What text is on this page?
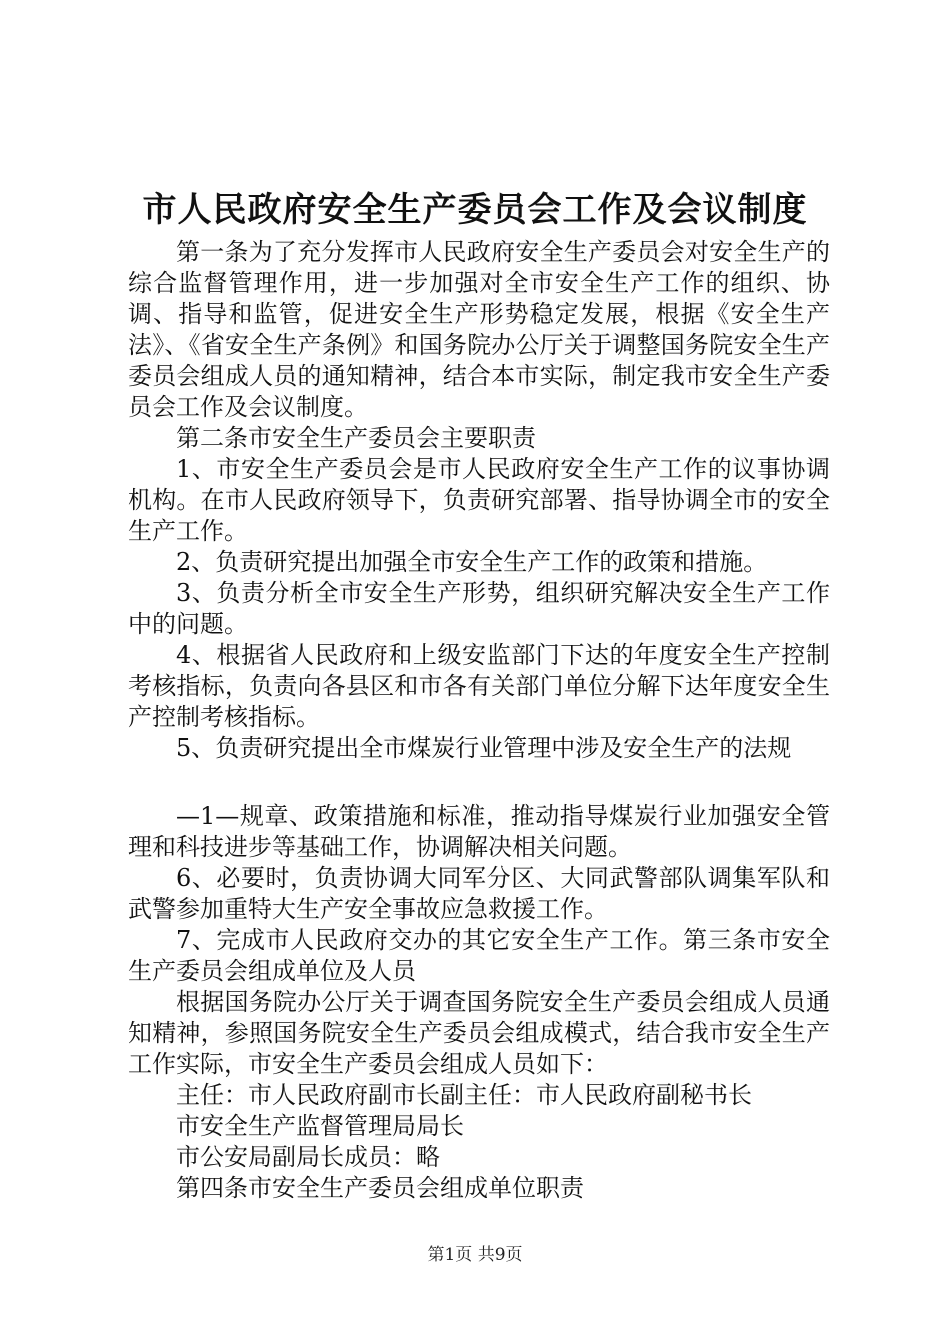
市人民政府安全生产委员会工作及会议制度

第一条为了充分发挥市人民政府安全生产委员会对安全生产的综合监督管理作用，进一步加强对全市安全生产工作的组织、协调、指导和监管，促进安全生产形势稳定发展，根据《安全生产法》、《省安全生产条例》和国务院办公厅关于调整国务院安全生产委员会组成人员的通知精神，结合本市实际，制定我市安全生产委员会工作及会议制度。

第二条市安全生产委员会主要职责

1、市安全生产委员会是市人民政府安全生产工作的议事协调机构。在市人民政府领导下，负责研究部署、指导协调全市的安全生产工作。

2、负责研究提出加强全市安全生产工作的政策和措施。

3、负责分析全市安全生产形势，组织研究解决安全生产工作中的问题。

4、根据省人民政府和上级安监部门下达的年度安全生产控制考核指标，负责向各县区和市各有关部门单位分解下达年度安全生产控制考核指标。

5、负责研究提出全市煤炭行业管理中涉及安全生产的法规

—1—规章、政策措施和标准，推动指导煤炭行业加强安全管理和科技进步等基础工作，协调解决相关问题。

6、必要时，负责协调大同军分区、大同武警部队调集军队和武警参加重特大生产安全事故应急救援工作。

7、完成市人民政府交办的其它安全生产工作。第三条市安全生产委员会组成单位及人员

根据国务院办公厅关于调查国务院安全生产委员会组成人员通知精神，参照国务院安全生产委员会组成模式，结合我市安全生产工作实际，市安全生产委员会组成人员如下：

主任：市人民政府副市长副主任：市人民政府副秘书长

市安全生产监督管理局局长

市公安局副局长成员：略

第四条市安全生产委员会组成单位职责

第1页 共9页
